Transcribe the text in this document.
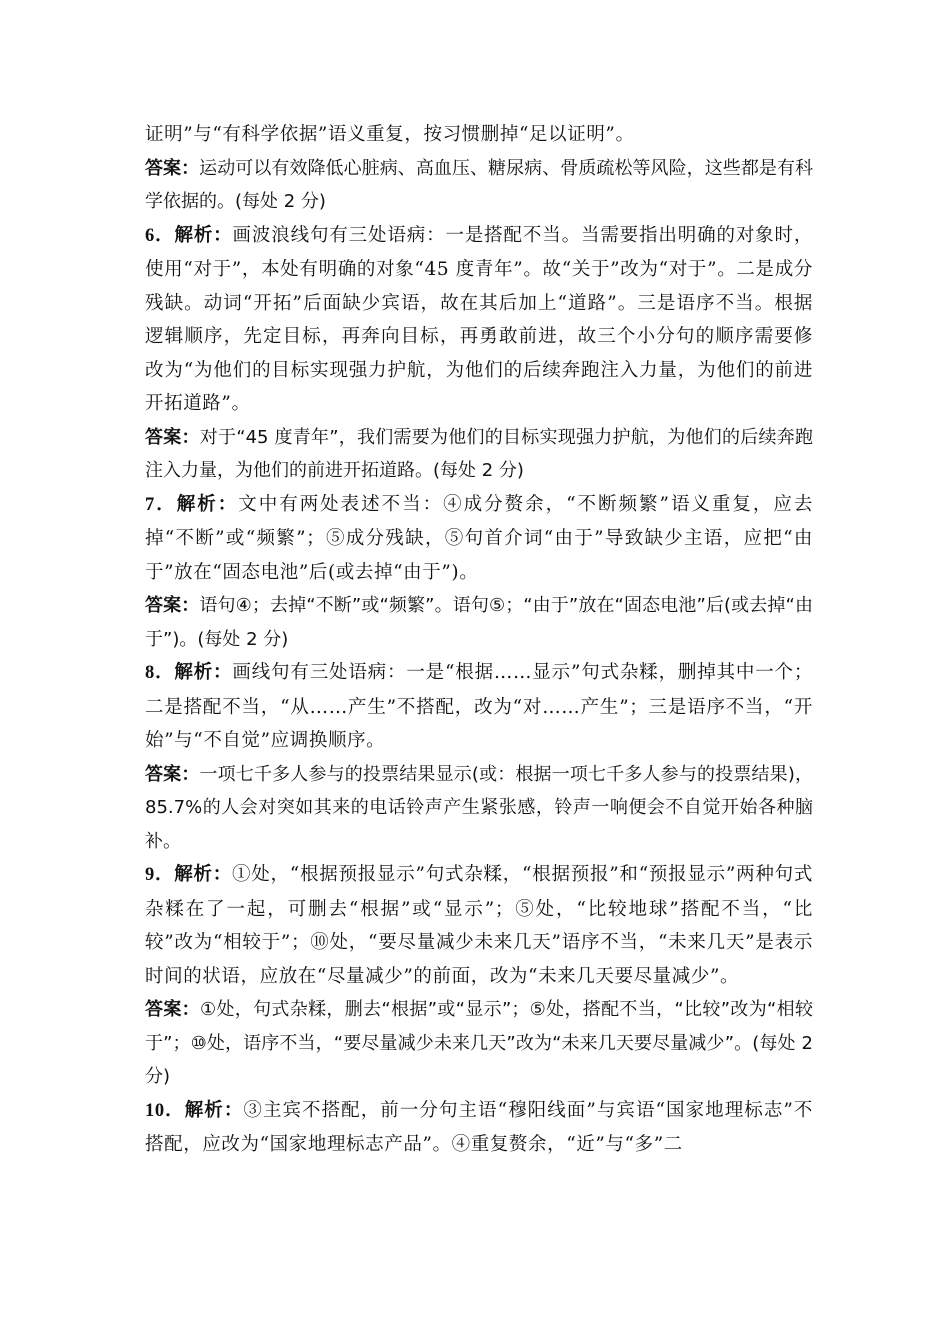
证明”与“有科学依据”语义重复，按习惯删掉“足以证明”。

答案：运动可以有效降低心脏病、高血压、糖尿病、骨质疏松等风险，这些都是有科学依据的。(每处 2 分)

6．解析：画波浪线句有三处语病：一是搭配不当。当需要指出明确的对象时，使用“对于”，本处有明确的对象“45 度青年”。故“关于”改为“对于”。二是成分残缺。动词“开拓”后面缺少宾语，故在其后加上“道路”。三是语序不当。根据逻辑顺序，先定目标，再奔向目标，再勇敢前进，故三个小分句的顺序需要修改为“为他们的目标实现强力护航，为他们的后续奔跑注入力量，为他们的前进开拓道路”。

答案：对于“45 度青年”，我们需要为他们的目标实现强力护航，为他们的后续奔跑注入力量，为他们的前进开拓道路。(每处 2 分)

7．解析：文中有两处表述不当：④成分赘余，“不断频繁”语义重复，应去掉“不断”或“频繁”；⑤成分残缺，⑤句首介词“由于”导致缺少主语，应把“由于”放在“固态电池”后(或去掉“由于”)。

答案：语句④；去掉“不断”或“频繁”。语句⑤；“由于”放在“固态电池”后(或去掉“由于”)。(每处 2 分)

8．解析：画线句有三处语病：一是“根据……显示”句式杂糅，删掉其中一个；二是搭配不当，“从……产生”不搭配，改为“对……产生”；三是语序不当，“开始”与“不自觉”应调换顺序。

答案：一项七千多人参与的投票结果显示(或：根据一项七千多人参与的投票结果)，85.7%的人会对突如其来的电话铃声产生紧张感，铃声一响便会不自觉开始各种脑补。

9．解析：①处，“根据预报显示”句式杂糅，“根据预报”和“预报显示”两种句式杂糅在了一起，可删去“根据”或“显示”；⑤处，“比较地球”搭配不当，“比较”改为“相较于”；⑩处，“要尽量减少未来几天”语序不当，“未来几天”是表示时间的状语，应放在“尽量减少”的前面，改为“未来几天要尽量减少”。

答案：①处，句式杂糅，删去“根据”或“显示”；⑤处，搭配不当，“比较”改为“相较于”；⑩处，语序不当，“要尽量减少未来几天”改为“未来几天要尽量减少”。(每处 2 分)

10．解析：③主宾不搭配，前一分句主语“穆阳线面”与宾语“国家地理标志”不搭配，应改为“国家地理标志产品”。④重复赘余，“近”与“多”二
